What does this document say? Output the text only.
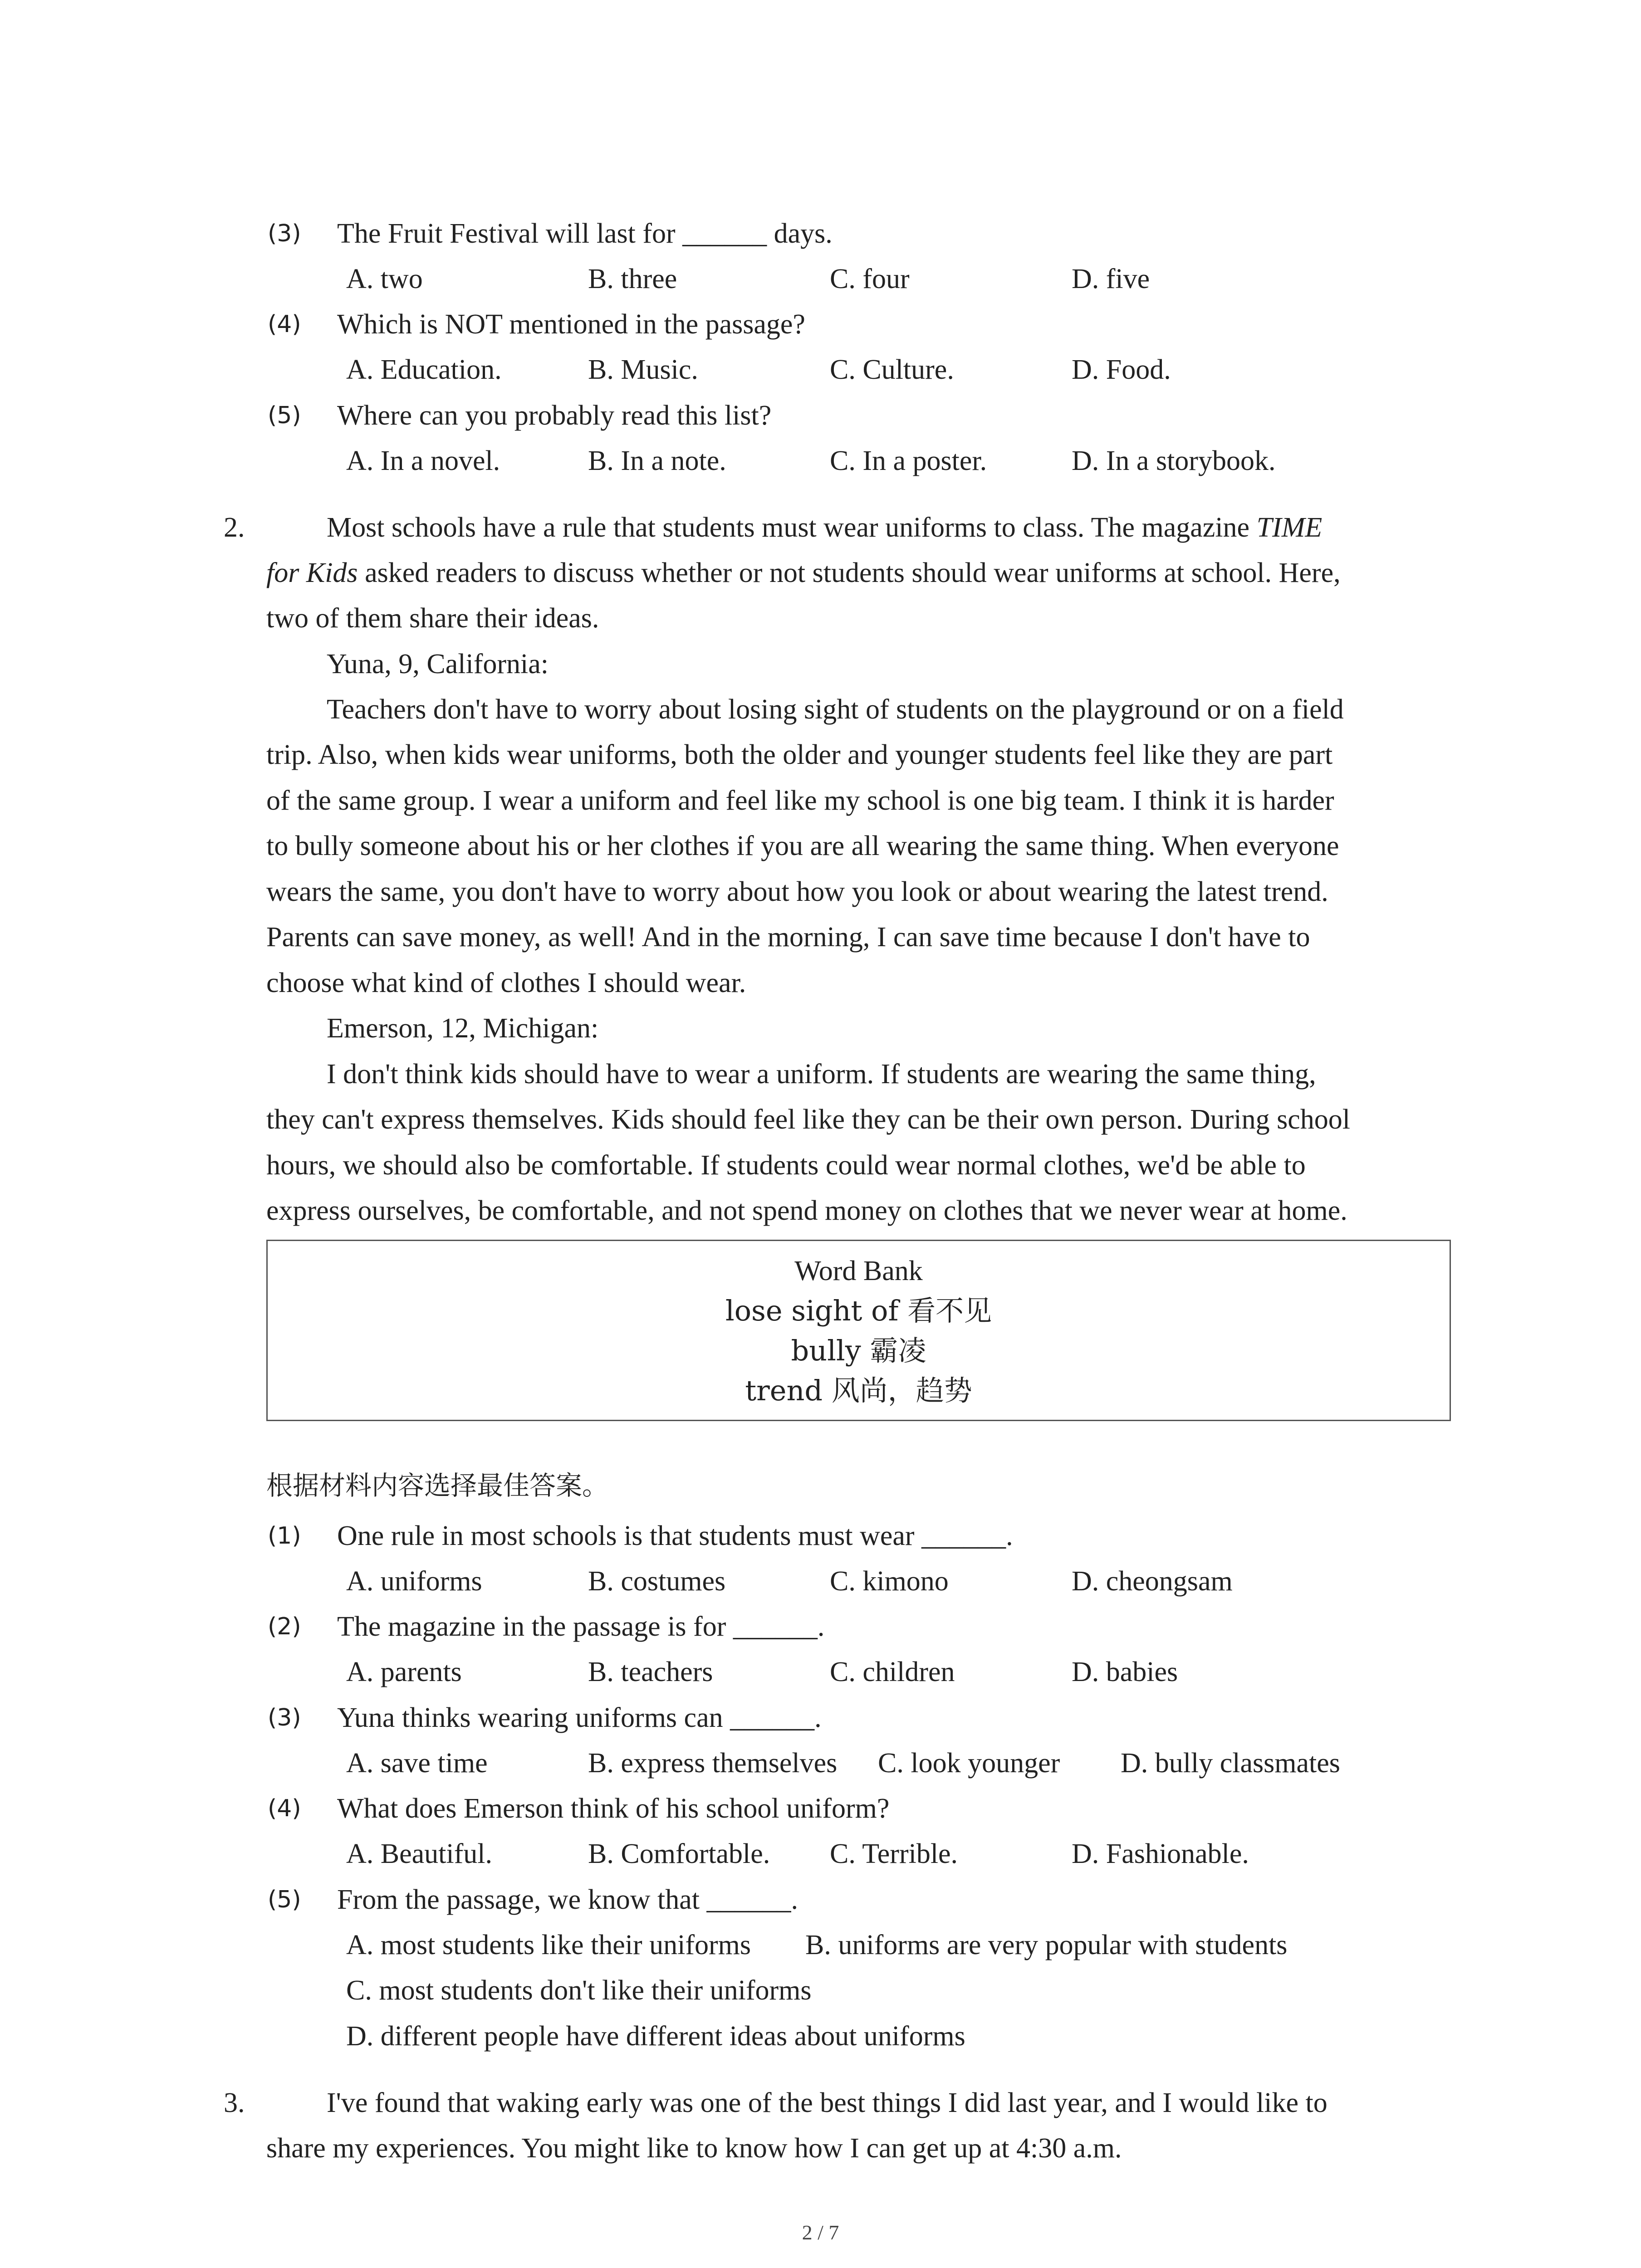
(3) The Fruit Festival will last for ______ days.
A. two	B. three	C. four	D. five
(4) Which is NOT mentioned in the passage?
A. Education.	B. Music.	C. Culture.	D. Food.
(5) Where can you probably read this list?
A. In a novel.	B. In a note.	C. In a poster.	D. In a storybook.
2.	Most schools have a rule that students must wear uniforms to class. The magazine TIME
for Kids asked readers to discuss whether or not students should wear uniforms at school. Here,
two of them share their ideas.
Yuna, 9, California:
Teachers don't have to worry about losing sight of students on the playground or on a field
trip. Also, when kids wear uniforms, both the older and younger students feel like they are part
of the same group. I wear a uniform and feel like my school is one big team. I think it is harder
to bully someone about his or her clothes if you are all wearing the same thing. When everyone
wears the same, you don't have to worry about how you look or about wearing the latest trend.
Parents can save money, as well! And in the morning, I can save time because I don't have to
choose what kind of clothes I should wear.
Emerson, 12, Michigan:
I don't think kids should have to wear a uniform. If students are wearing the same thing,
they can't express themselves. Kids should feel like they can be their own person. During school
hours, we should also be comfortable. If students could wear normal clothes, we'd be able to
express ourselves, be comfortable, and not spend money on clothes that we never wear at home.
Word Bank
lose sight of 看不见
bully 霸凌
trend 风尚，趋势
根据材料内容选择最佳答案。
(1) One rule in most schools is that students must wear ______.
A. uniforms	B. costumes	C. kimono	D. cheongsam
(2) The magazine in the passage is for ______.
A. parents	B. teachers	C. children	D. babies
(3) Yuna thinks wearing uniforms can ______.
A. save time	B. express themselves C. look younger D. bully classmates
(4) What does Emerson think of his school uniform?
A. Beautiful.	B. Comfortable. C. Terrible.	D. Fashionable.
(5) From the passage, we know that ______.
A. most students like their uniforms B. uniforms are very popular with students
C. most students don't like their uniforms
D. different people have different ideas about uniforms
3.	I've found that waking early was one of the best things I did last year, and I would like to
share my experiences. You might like to know how I can get up at 4:30 a.m.
2 / 7
